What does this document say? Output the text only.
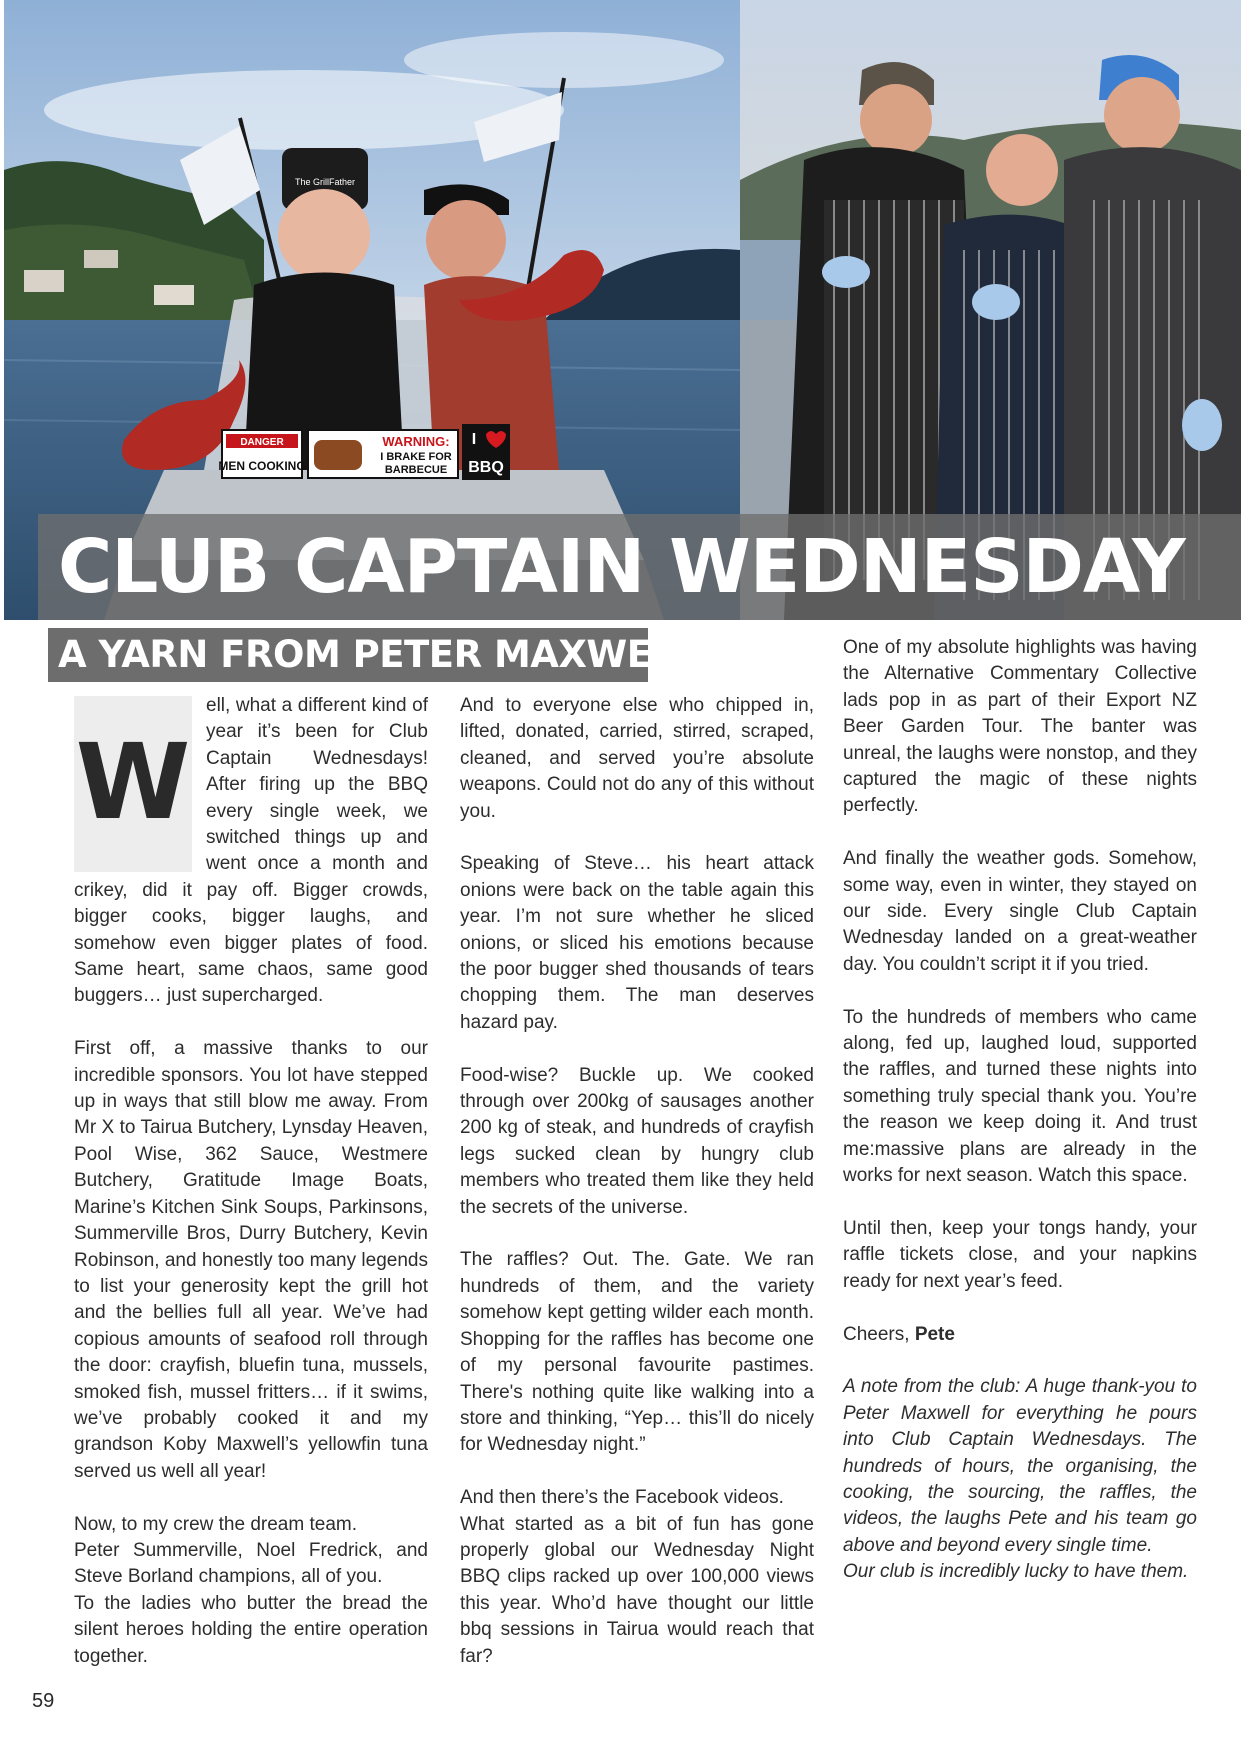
DANGER
MEN COOKING
WARNING:
I BRAKE FOR
BARBECUE
I
BBQ
The GrillFather
CLUB CAPTAIN WEDNESDAY
A YARN FROM PETER MAXWELL

W
ell, what a different kind of year it’s been for Club Captain Wednesdays! After firing up the BBQ every single week, we switched things up and went once a month and crikey, did it pay off. Bigger crowds, bigger cooks, bigger laughs, and somehow even bigger plates of food. Same heart, same chaos, same good buggers… just supercharged.

First off, a massive thanks to our incredible sponsors. You lot have stepped up in ways that still blow me away. From Mr X to Tairua Butchery, Lynsday Heaven, Pool Wise, 362 Sauce, Westmere Butchery, Gratitude Image Boats, Marine’s Kitchen Sink Soups, Parkinsons, Summerville Bros, Durry Butchery, Kevin Robinson, and honestly too many legends to list your generosity kept the grill hot and the bellies full all year. We’ve had copious amounts of seafood roll through the door: crayfish, bluefin tuna, mussels, smoked fish, mussel fritters… if it swims, we’ve probably cooked it and my grandson Koby Maxwell’s yellowfin tuna served us well all year!

Now, to my crew the dream team.

Peter Summerville, Noel Fredrick, and Steve Borland champions, all of you.

To the ladies who butter the bread the silent heroes holding the entire operation together.

And to everyone else who chipped in, lifted, donated, carried, stirred, scraped, cleaned, and served you’re absolute weapons. Could not do any of this without you.

Speaking of Steve… his heart attack onions were back on the table again this year. I’m not sure whether he sliced onions, or sliced his emotions because the poor bugger shed thousands of tears chopping them. The man deserves hazard pay.

Food-wise? Buckle up. We cooked through over 200kg of sausages another 200 kg of steak, and hundreds of crayfish legs sucked clean by hungry club members who treated them like they held the secrets of the universe.

The raffles? Out. The. Gate. We ran hundreds of them, and the variety somehow kept getting wilder each month. Shopping for the raffles has become one of my personal favourite pastimes. There's nothing quite like walking into a store and thinking, “Yep… this’ll do nicely for Wednesday night.”

And then there’s the Facebook videos.

What started as a bit of fun has gone properly global our Wednesday Night BBQ clips racked up over 100,000 views this year. Who’d have thought our little bbq sessions in Tairua would reach that far?

One of my absolute highlights was having the Alternative Commentary Collective lads pop in as part of their Export NZ Beer Garden Tour. The banter was unreal, the laughs were nonstop, and they captured the magic of these nights perfectly.

And finally the weather gods. Somehow, some way, even in winter, they stayed on our side. Every single Club Captain Wednesday landed on a great-weather day. You couldn’t script it if you tried.

To the hundreds of members who came along, fed up, laughed loud, supported the raffles, and turned these nights into something truly special thank you. You’re the reason we keep doing it. And trust me:massive plans are already in the works for next season. Watch this space.

Until then, keep your tongs handy, your raffle tickets close, and your napkins ready for next year’s feed.

Cheers, Pete

A note from the club: A huge thank-you to Peter Maxwell for everything he pours into Club Captain Wednesdays. The hundreds of hours, the organising, the cooking, the sourcing, the raffles, the videos, the laughs Pete and his team go above and beyond every single time.

Our club is incredibly lucky to have them.

59
